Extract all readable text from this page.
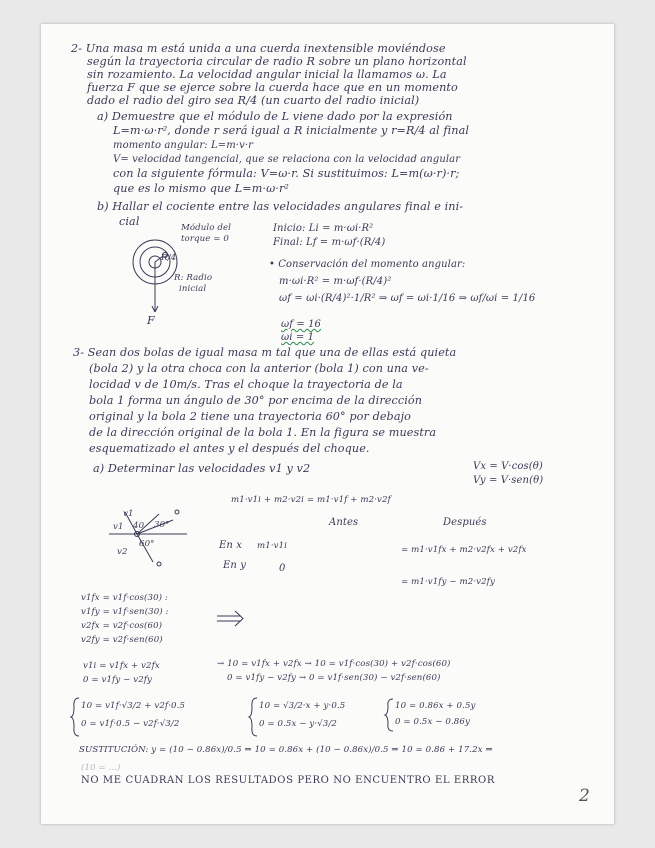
2- Una masa m está unida a una cuerda inextensible moviéndose
según la trayectoria circular de radio R sobre un plano horizontal
sin rozamiento. La velocidad angular inicial la llamamos ω. La
fuerza F que se ejerce sobre la cuerda hace que en un momento
dado el radio del giro sea R/4 (un cuarto del radio inicial)
a) Demuestre que el módulo de L viene dado por la expresión
L=m·ω·r², donde r será igual a R inicialmente y r=R/4 al final
momento angular: L=m·v·r
V= velocidad tangencial, que se relaciona con la velocidad angular
con la siguiente fórmula: V=ω·r. Si sustituimos: L=m(ω·r)·r;
que es lo mismo que L=m·ω·r²
b) Hallar el cociente entre las velocidades angulares final e ini-
cial	Módulo del
torque = 0
R/4
R: Radio
inicial
F
Inicio: Li = m·ωi·R²
Final: Lf = m·ωf·(R/4)
• Conservación del momento angular:
m·ωi·R² = m·ωf·(R/4)²
ωf = ωi·(R/4)²·1/R² ⇒ ωf = ωi·1/16 ⇒ ωf/ωi = 1/16
ωf = 16
ωi = 1
3- Sean dos bolas de igual masa m tal que una de ellas está quieta
(bola 2) y la otra choca con la anterior (bola 1) con una ve-
locidad v de 10m/s. Tras el choque la trayectoria de la
bola 1 forma un ángulo de 30° por encima de la dirección
original y la bola 2 tiene una trayectoria 60° por debajo
de la dirección original de la bola 1. En la figura se muestra
esquematizado el antes y el después del choque.
a) Determinar las velocidades v1 y v2	Vx = V·cos(θ)
Vy = V·sen(θ)
m1·v1i + m2·v2i = m1·v1f + m2·v2f
Antes	Después
v1
v1 40 30°
60°
v2
En x m1·v1i	= m1·v1fx + m2·v2fx + v2fx
En y	0
= m1·v1fy − m2·v2fy
v1fx = v1f·cos(30) :
v1fy = v1f·sen(30) :
v2fx = v2f·cos(60)
v2fy = v2f·sen(60)
v1i = v1fx + v2fx
0 = v1fy − v2fy
→ 10 = v1fx + v2fx → 10 = v1f·cos(30) + v2f·cos(60)
0 = v1fy − v2fy → 0 = v1f·sen(30) − v2f·sen(60)
10 = v1f·√3/2 + v2f·0.5
0 = v1f·0.5 − v2f·√3/2
10 = √3/2·x + y·0.5
0 = 0.5x − y·√3/2
10 = 0.86x + 0.5y
0 = 0.5x − 0.86y
SUSTITUCIÓN: y = (10 − 0.86x)/0.5 ⇒ 10 = 0.86x + (10 − 0.86x)/0.5 ⇒ 10 = 0.86 + 17.2x ⇒
(10 = ...)
NO ME CUADRAN LOS RESULTADOS PERO NO ENCUENTRO EL ERROR
2
